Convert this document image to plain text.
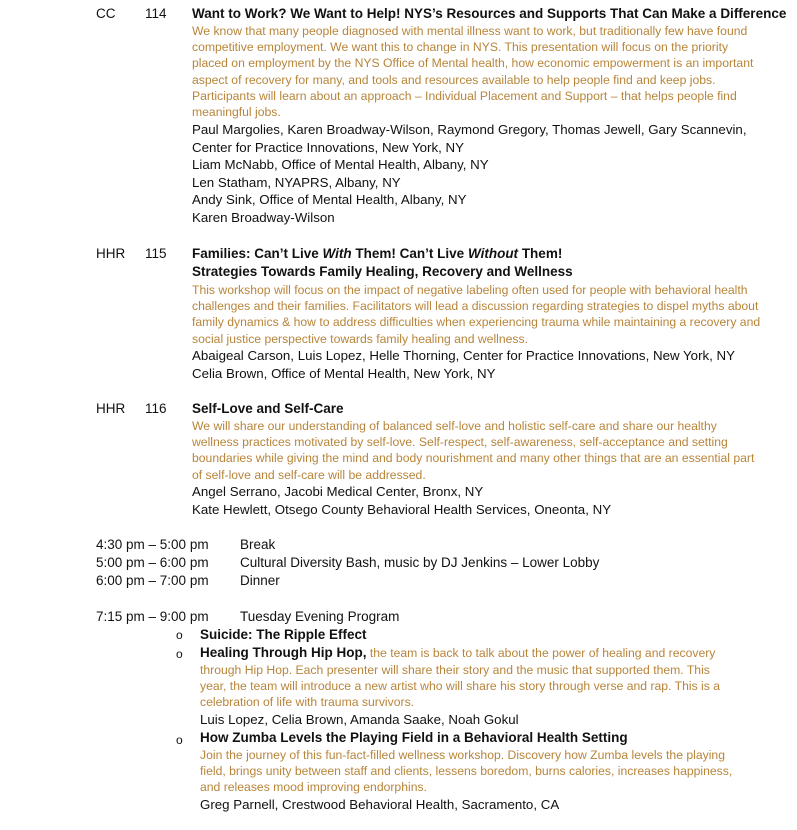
CC 114 Want to Work? We Want to Help! NYS’s Resources and Supports That Can Make a Difference
We know that many people diagnosed with mental illness want to work, but traditionally few have found
competitive employment. We want this to change in NYS. This presentation will focus on the priority
placed on employment by the NYS Office of Mental health, how economic empowerment is an important
aspect of recovery for many, and tools and resources available to help people find and keep jobs.
Participants will learn about an approach – Individual Placement and Support – that helps people find
meaningful jobs.
Paul Margolies, Karen Broadway-Wilson, Raymond Gregory, Thomas Jewell, Gary Scannevin,
Center for Practice Innovations, New York, NY
Liam McNabb, Office of Mental Health, Albany, NY
Len Statham, NYAPRS, Albany, NY
Andy Sink, Office of Mental Health, Albany, NY
Karen Broadway-Wilson
HHR 115 Families: Can’t Live With Them! Can’t Live Without Them!
Strategies Towards Family Healing, Recovery and Wellness
This workshop will focus on the impact of negative labeling often used for people with behavioral health
challenges and their families. Facilitators will lead a discussion regarding strategies to dispel myths about
family dynamics & how to address difficulties when experiencing trauma while maintaining a recovery and
social justice perspective towards family healing and wellness.
Abaigeal Carson, Luis Lopez, Helle Thorning, Center for Practice Innovations, New York, NY
Celia Brown, Office of Mental Health, New York, NY
HHR 116 Self-Love and Self-Care
We will share our understanding of balanced self-love and holistic self-care and share our healthy
wellness practices motivated by self-love. Self-respect, self-awareness, self-acceptance and setting
boundaries while giving the mind and body nourishment and many other things that are an essential part
of self-love and self-care will be addressed.
Angel Serrano, Jacobi Medical Center, Bronx, NY
Kate Hewlett, Otsego County Behavioral Health Services, Oneonta, NY
4:30 pm – 5:00 pm Break
5:00 pm – 6:00 pm Cultural Diversity Bash, music by DJ Jenkins – Lower Lobby
6:00 pm – 7:00 pm Dinner
7:15 pm – 9:00 pm Tuesday Evening Program
o Suicide: The Ripple Effect
o Healing Through Hip Hop, the team is back to talk about the power of healing and recovery
through Hip Hop. Each presenter will share their story and the music that supported them. This
year, the team will introduce a new artist who will share his story through verse and rap. This is a
celebration of life with trauma survivors.
Luis Lopez, Celia Brown, Amanda Saake, Noah Gokul
o How Zumba Levels the Playing Field in a Behavioral Health Setting
Join the journey of this fun-fact-filled wellness workshop. Discovery how Zumba levels the playing
field, brings unity between staff and clients, lessens boredom, burns calories, increases happiness,
and releases mood improving endorphins.
Greg Parnell, Crestwood Behavioral Health, Sacramento, CA
